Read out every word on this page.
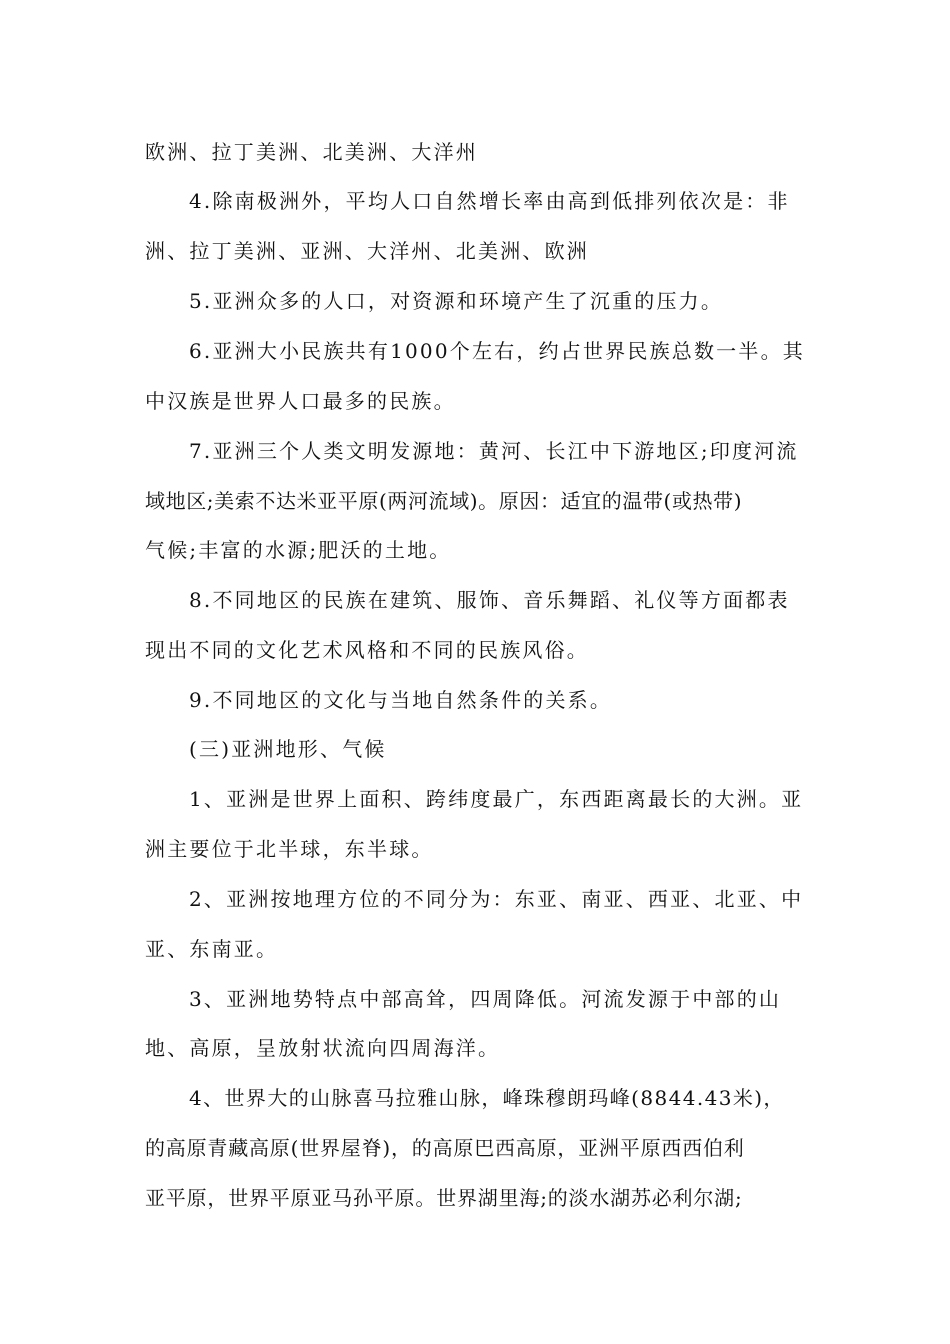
欧洲、拉丁美洲、北美洲、大洋州
4.除南极洲外，平均人口自然增长率由高到低排列依次是：非
洲、拉丁美洲、亚洲、大洋州、北美洲、欧洲
5.亚洲众多的人口，对资源和环境产生了沉重的压力。
6.亚洲大小民族共有1000个左右，约占世界民族总数一半。其
中汉族是世界人口最多的民族。
7.亚洲三个人类文明发源地：黄河、长江中下游地区;印度河流
域地区;美索不达米亚平原(两河流域)。原因：适宜的温带(或热带)
气候;丰富的水源;肥沃的土地。
8.不同地区的民族在建筑、服饰、音乐舞蹈、礼仪等方面都表
现出不同的文化艺术风格和不同的民族风俗。
9.不同地区的文化与当地自然条件的关系。
(三)亚洲地形、气候
1、亚洲是世界上面积、跨纬度最广，东西距离最长的大洲。亚
洲主要位于北半球，东半球。
2、亚洲按地理方位的不同分为：东亚、南亚、西亚、北亚、中
亚、东南亚。
3、亚洲地势特点中部高耸，四周降低。河流发源于中部的山
地、高原，呈放射状流向四周海洋。
4、世界大的山脉喜马拉雅山脉，峰珠穆朗玛峰(8844.43米)，
的高原青藏高原(世界屋脊)，的高原巴西高原，亚洲平原西西伯利
亚平原，世界平原亚马孙平原。世界湖里海;的淡水湖苏必利尔湖;
